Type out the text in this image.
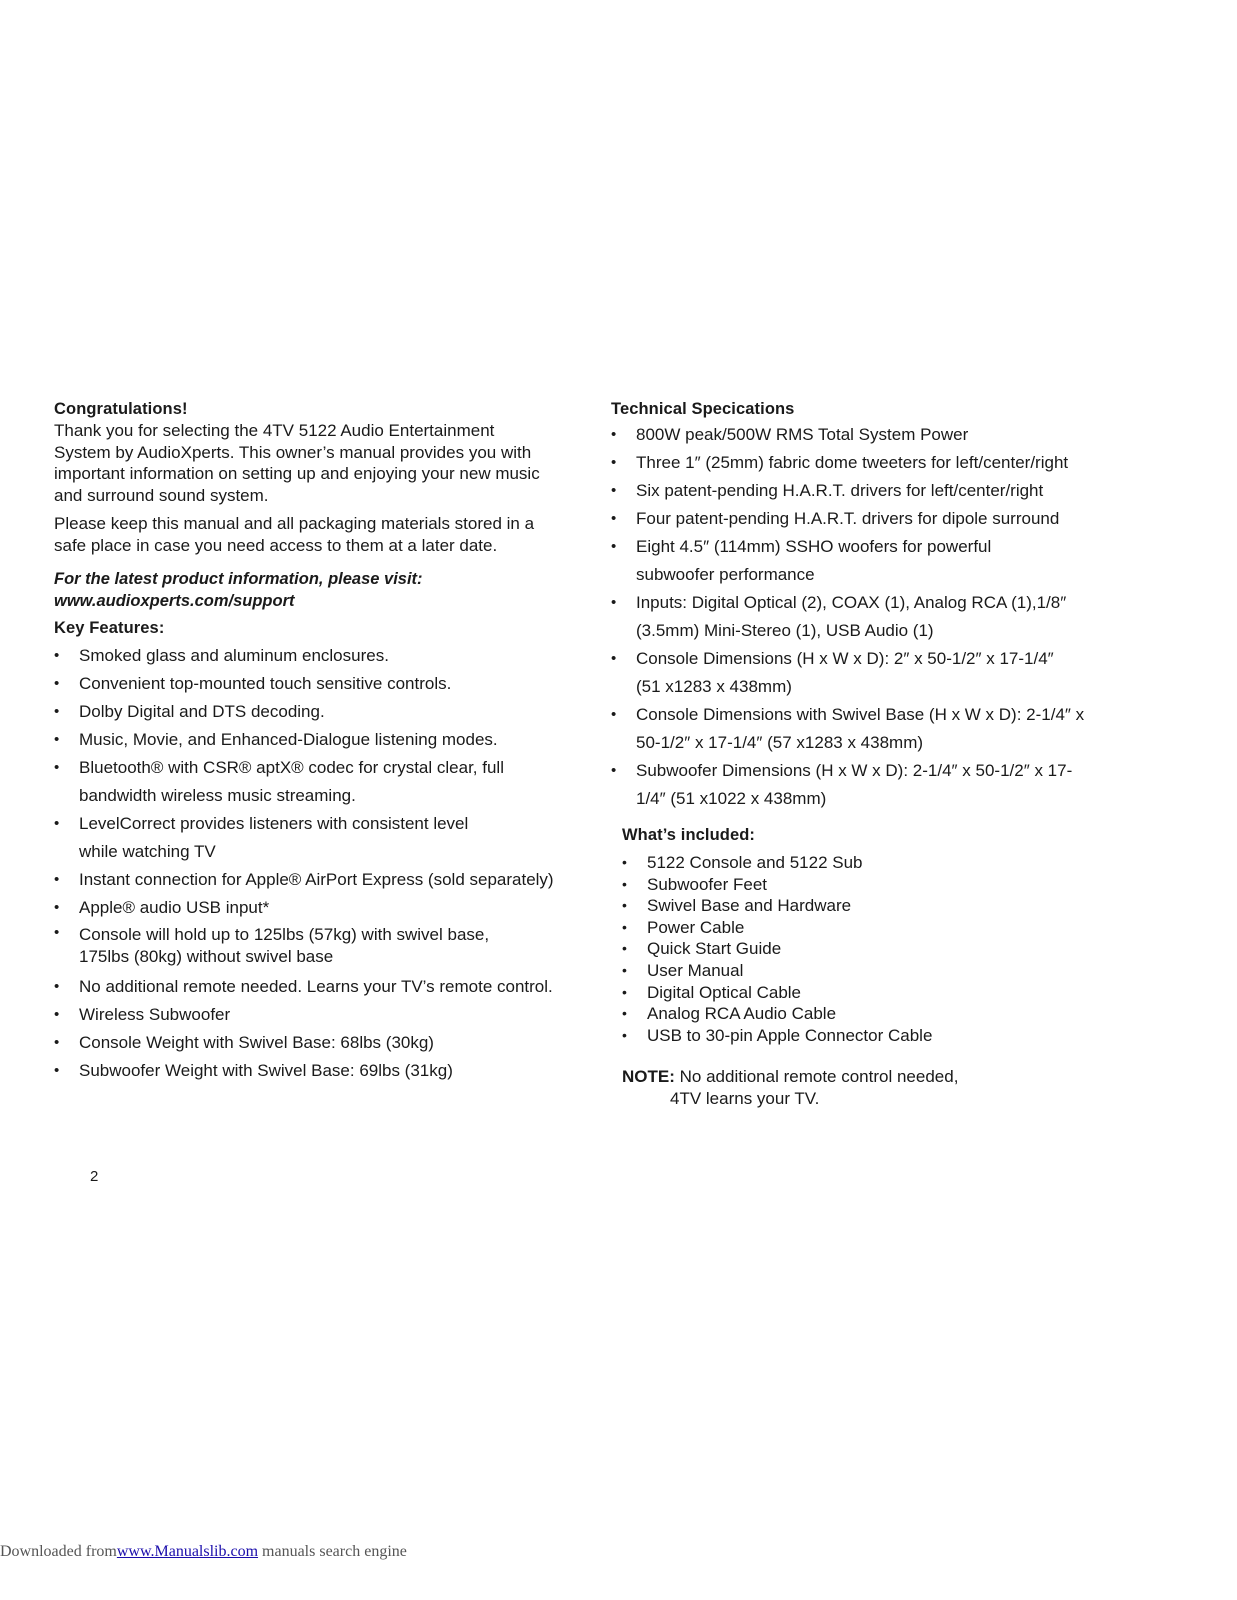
Congratulations!

Thank you for selecting the 4TV 5122 Audio Entertainment
System by AudioXperts. This owner’s manual provides you with
important information on setting up and enjoying your new music
and surround sound system.

Please keep this manual and all packaging materials stored in a
safe place in case you need access to them at a later date.

For the latest product information, please visit:
www.audioxperts.com/support

Key Features:
• Smoked glass and aluminum enclosures.
• Convenient top-mounted touch sensitive controls.
• Dolby Digital and DTS decoding.
• Music, Movie, and Enhanced-Dialogue listening modes.
• Bluetooth® with CSR® aptX® codec for crystal clear, full
bandwidth wireless music streaming.
• LevelCorrect provides listeners with consistent level
while watching TV
• Instant connection for Apple® AirPort Express (sold separately)
• Apple® audio USB input*
• Console will hold up to 125lbs (57kg) with swivel base,
175lbs (80kg) without swivel base
• No additional remote needed. Learns your TV’s remote control.
• Wireless Subwoofer
• Console Weight with Swivel Base: 68lbs (30kg)
• Subwoofer Weight with Swivel Base: 69lbs (31kg)
Technical Specications
• 800W peak/500W RMS Total System Power
• Three 1″ (25mm) fabric dome tweeters for left/center/right
• Six patent-pending H.A.R.T. drivers for left/center/right
• Four patent-pending H.A.R.T. drivers for dipole surround
• Eight 4.5″ (114mm) SSHO woofers for powerful
subwoofer performance
• Inputs: Digital Optical (2), COAX (1), Analog RCA (1),1/8″
(3.5mm) Mini-Stereo (1), USB Audio (1)
• Console Dimensions (H x W x D): 2″ x 50-1/2″ x 17-1/4″
(51 x1283 x 438mm)
• Console Dimensions with Swivel Base (H x W x D): 2-1/4″ x
50-1/2″ x 17-1/4″ (57 x1283 x 438mm)
• Subwoofer Dimensions (H x W x D): 2-1/4″ x 50-1/2″ x 17-
1/4″ (51 x1022 x 438mm)
What’s included:
• 5122 Console and 5122 Sub
• Subwoofer Feet
• Swivel Base and Hardware
• Power Cable
• Quick Start Guide
• User Manual
• Digital Optical Cable
• Analog RCA Audio Cable
• USB to 30-pin Apple Connector Cable
NOTE: No additional remote control needed,
4TV learns your TV.
2
Downloaded fromwww.Manualslib.com manuals search engine
